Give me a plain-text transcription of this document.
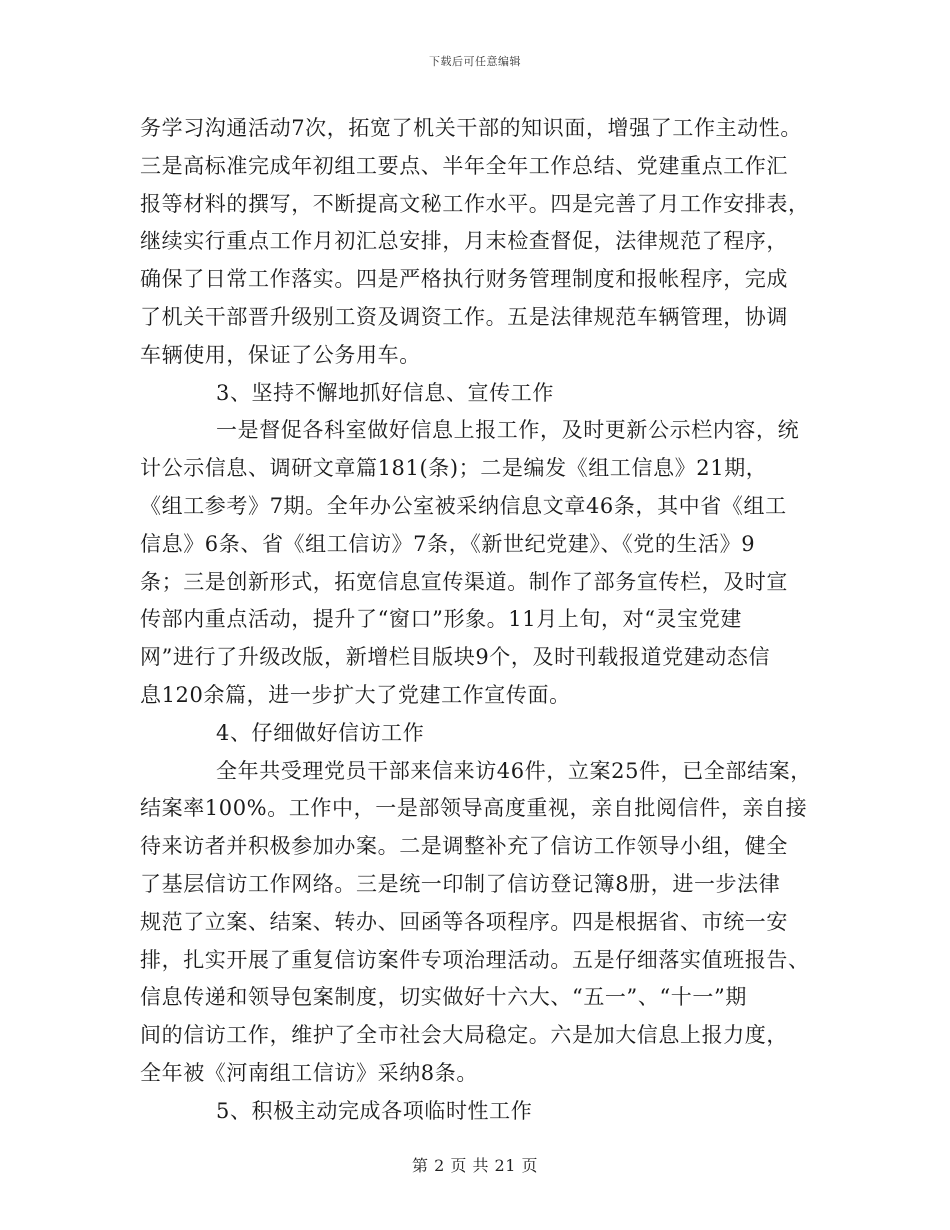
下载后可任意编辑
务学习沟通活动7次，拓宽了机关干部的知识面，增强了工作主动性。
三是高标准完成年初组工要点、半年全年工作总结、党建重点工作汇
报等材料的撰写，不断提高文秘工作水平。四是完善了月工作安排表，
继续实行重点工作月初汇总安排，月末检查督促，法律规范了程序，
确保了日常工作落实。四是严格执行财务管理制度和报帐程序，完成
了机关干部晋升级别工资及调资工作。五是法律规范车辆管理，协调
车辆使用，保证了公务用车。
3、坚持不懈地抓好信息、宣传工作
一是督促各科室做好信息上报工作，及时更新公示栏内容，统
计公示信息、调研文章篇181(条)；二是编发《组工信息》21期，
《组工参考》7期。全年办公室被采纳信息文章46条，其中省《组工
信息》6条、省《组工信访》7条，《新世纪党建》、《党的生活》9
条；三是创新形式，拓宽信息宣传渠道。制作了部务宣传栏，及时宣
传部内重点活动，提升了“窗口”形象。11月上旬，对“灵宝党建
网”进行了升级改版，新增栏目版块9个，及时刊载报道党建动态信
息120余篇，进一步扩大了党建工作宣传面。
4、仔细做好信访工作
全年共受理党员干部来信来访46件，立案25件，已全部结案，
结案率100%。工作中，一是部领导高度重视，亲自批阅信件，亲自接
待来访者并积极参加办案。二是调整补充了信访工作领导小组，健全
了基层信访工作网络。三是统一印制了信访登记簿8册，进一步法律
规范了立案、结案、转办、回函等各项程序。四是根据省、市统一安
排，扎实开展了重复信访案件专项治理活动。五是仔细落实值班报告、
信息传递和领导包案制度，切实做好十六大、“五一”、“十一”期
间的信访工作，维护了全市社会大局稳定。六是加大信息上报力度，
全年被《河南组工信访》采纳8条。
5、积极主动完成各项临时性工作
第 2 页 共 21 页
